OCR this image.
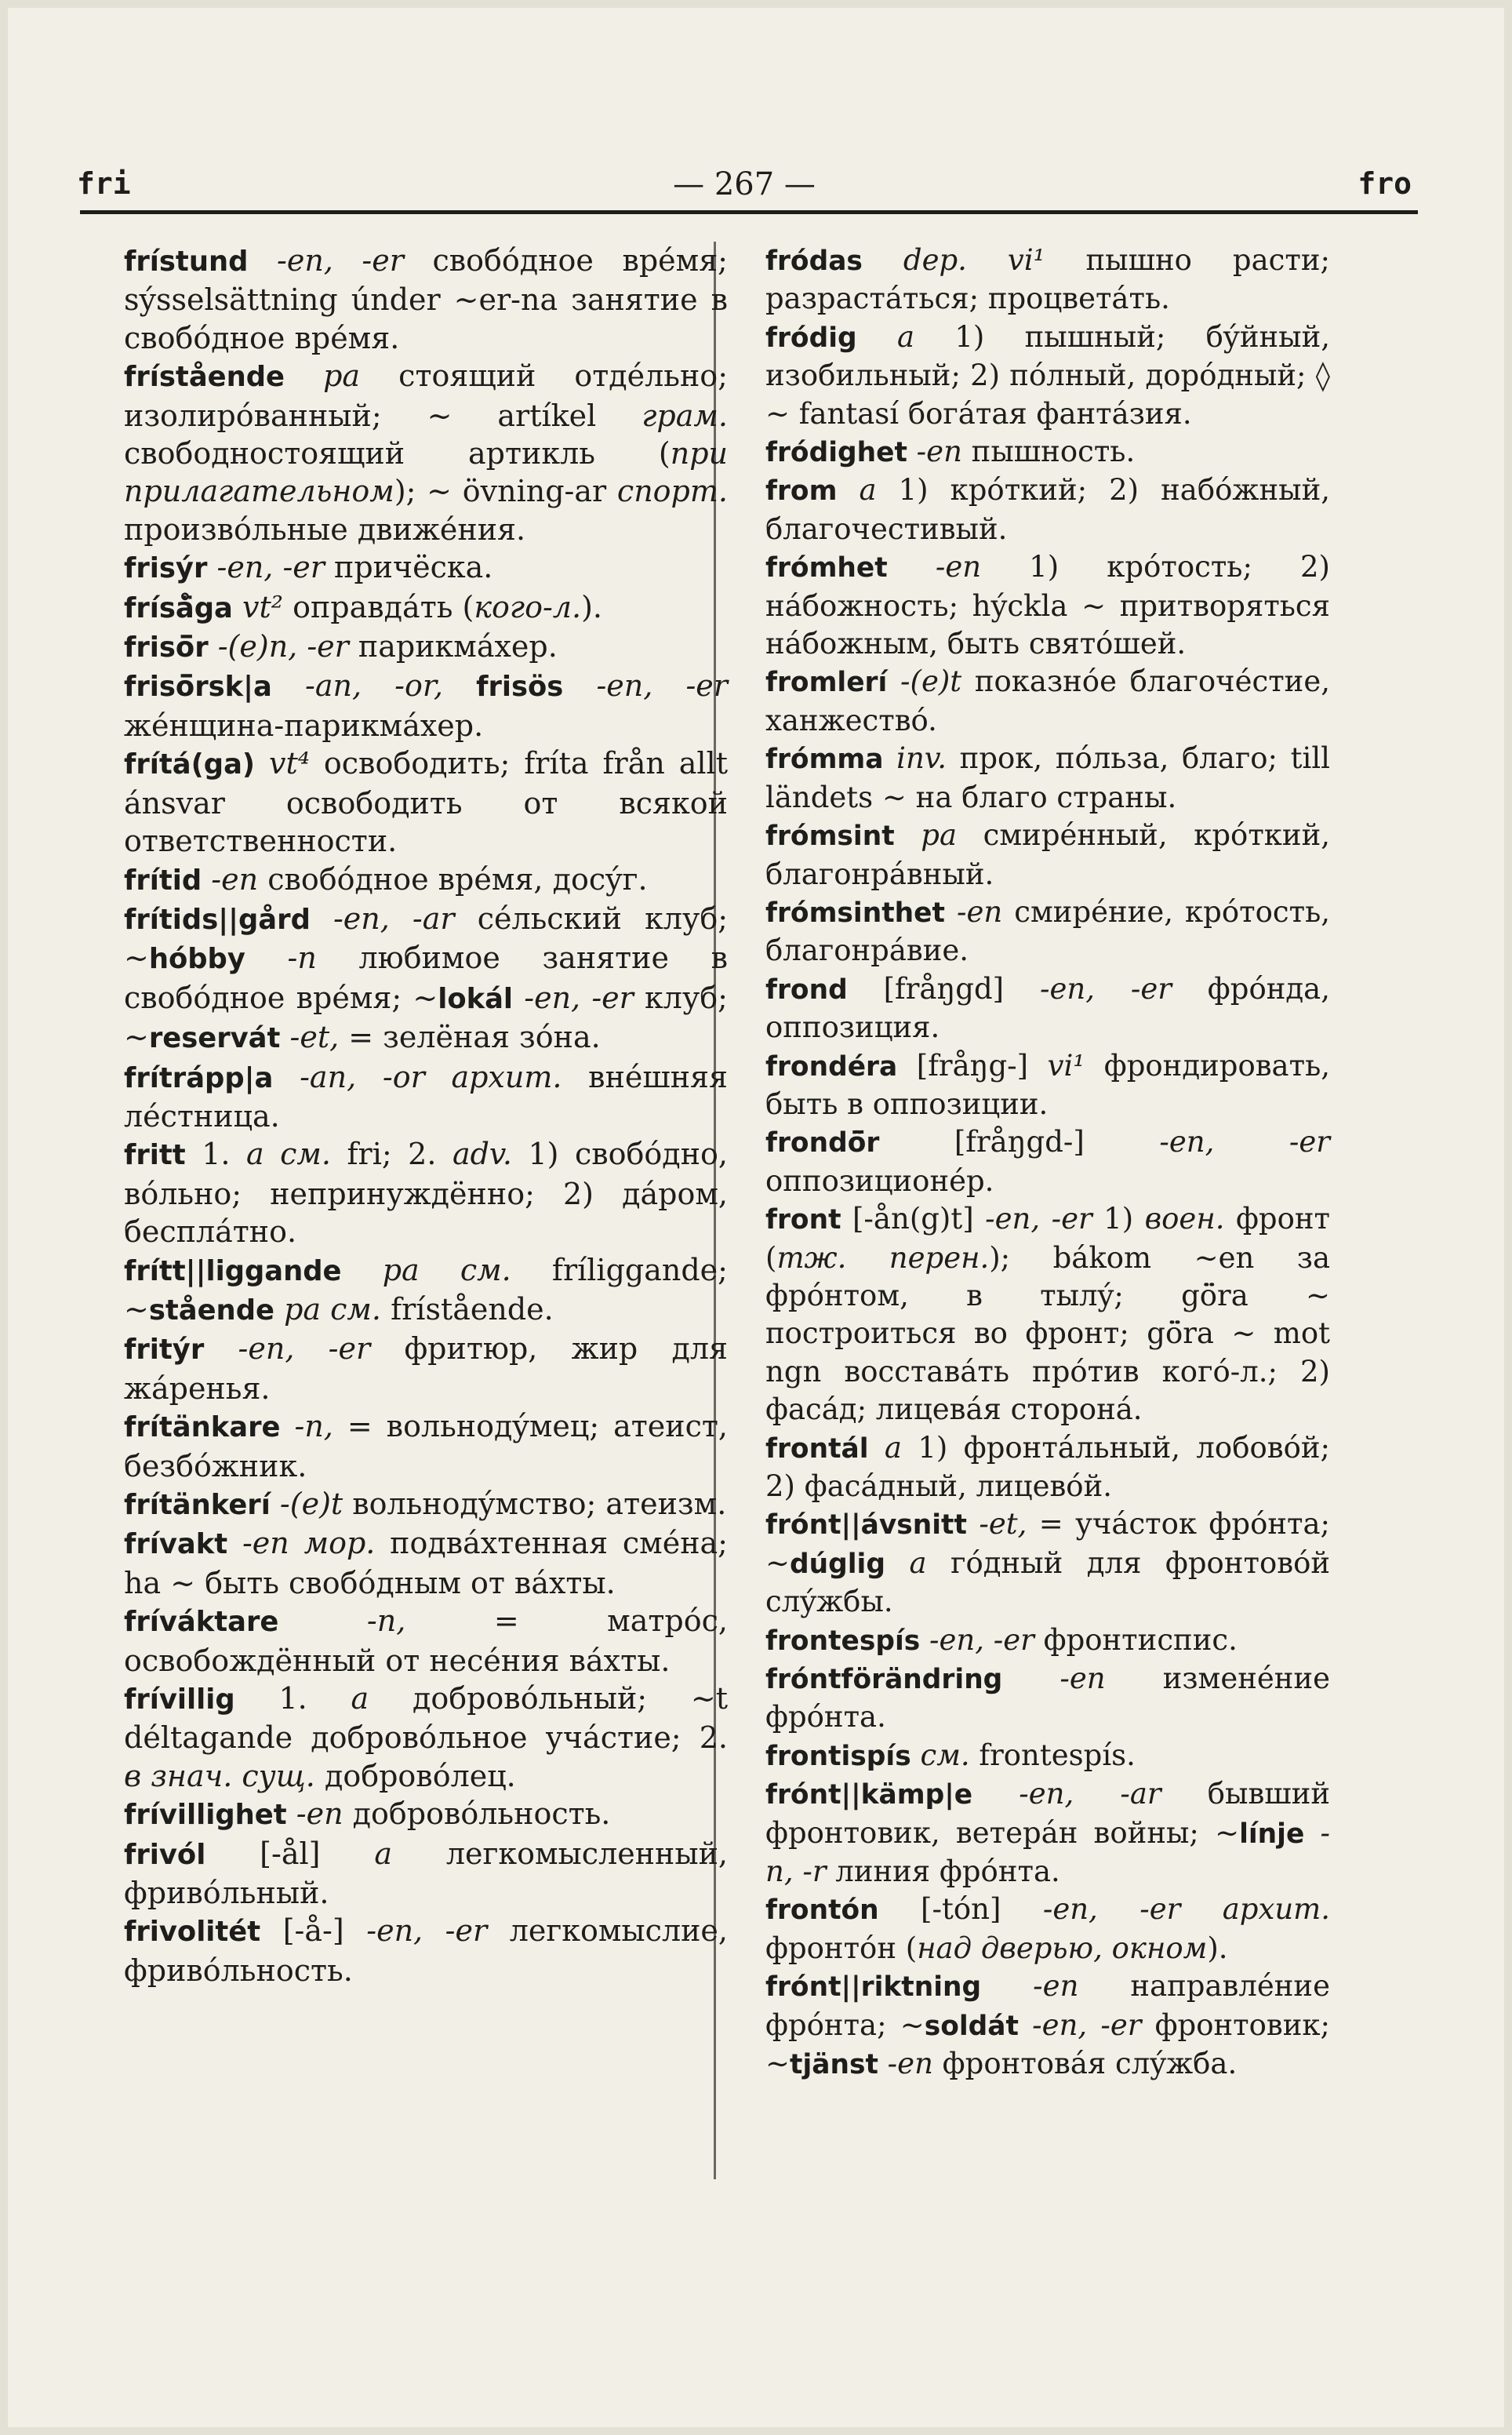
fri	— 267 —	fro

frístund -en, -er свобóдное врéмя; sýsselsättning únder ∼er-na занятие в свобóдное врéмя.

frístående pa стоящий отдéльно; изолирóванный; ∼ artíkel грам. свободностоящий артикль (при прилагательном); ∼ övning-ar спорт. произвóльные движéния.

frisýr -en, -er причёска.

fríså̈ga vt² оправдáть (когo-л.).

frisö̈r -(e)n, -er парикмáхер.

frisö̈rsk|a -an, -or, frisös -en, -er жéнщина-парикмáхер.

frítá(ga) vt⁴ освободить; fríta från allt ánsvar освободить от всякой ответственности.

frítid -en свобóдное врéмя, досýг.

frítids||gård -en, -ar сéльский клуб; ∼hóbby -n любимое занятие в свобóдное врéмя; ∼lokál -en, -er клуб; ∼reservát -et, = зелёная зóна.

frítrápp|a -an, -or архит. внéшняя лéстница.

fritt 1. a см. fri; 2. adv. 1) свобóдно, вóльно; непринуждённо; 2) дáром, бесплáтно.

frítt||liggande pa см. fríliggande; ∼stående pa см. frístående.

fritýr -en, -er фритюр, жир для жáренья.

frítänkare -n, = вольнодýмец; атеист, безбóжник.

frítänkerí -(e)t вольнодýмство; атеизм.

frívakt -en мор. подвáхтенная смéна; ha ∼ быть свобóдным от вáхты.

fríváktare	-n, = матрóс, освобождённый от несéния вáхты.

frívillig 1. a добровóльный; ∼t déltagande добровóльное учáстие; 2. в знач. сущ. добровóлец.

frívillighet -en добровóльность.

frivól [-ål] a легкомысленный, фривóльный.

frivolitét [-å-] -en, -er легкомыслие, фривóльность.

fródas dep. vi¹ пышно расти; разрастáться; процветáть.

fródig a 1) пышный; бýйный, изобильный; 2) пóлный, дорóдный; ◊ ∼ fantasí богáтая фантáзия.

fródighet -en пышность.

from a 1) крóткий; 2) набóжный, благочестивый.

frómhet -en 1) крóтость; 2) нáбожность; hýckla ∼ притворяться нáбожным, быть святóшей.

fromlerí -(e)t показнóе благочéстие, ханжествó.

frómma inv. прок, пóльза, благо; till ländets ∼ на благо страны.

frómsint pa смирéнный, крóткий, благонрáвный.

frómsinthet -en смирéние, крóтость, благонрáвие.

frond [fråŋgd] -en, -er фрóнда, оппозиция.

frondéra [fråŋg-] vi¹ фрондировать, быть в оппозиции.

frondö̈r [fråŋgd-] -en, -er оппозиционéр.

front [-ån(g)t] -en, -er 1) воен. фронт (тж. перен.); bákom ∼en за фрóнтом, в тылý; gö̈ra ∼ построиться во фронт; gö̈ra ∼ mot ngn восставáть прóтив когó-л.; 2) фасáд; лицевáя сторонá.

frontál a 1) фронтáльный, лобовóй; 2) фасáдный, лицевóй.

frónt||ávsnitt -et, = учáсток фрóнта; ∼dúglig a гóдный для фронтовóй слýжбы.

frontespís -en, -er фронтиспис.

fróntförändring -en изменéние фрóнта.

frontispís см. frontespís.

frónt||kämp|e -en, -ar бывший фронтовик, ветерáн войны; ∼línje -n, -r линия фрóнта.

frontón [-tón] -en, -er архит. фронтóн (над дверью, окном).

frónt||riktning -en направлéние фрóнта; ∼soldát -en, -er фронтовик; ∼tjänst -en фронтовáя слýжба.
